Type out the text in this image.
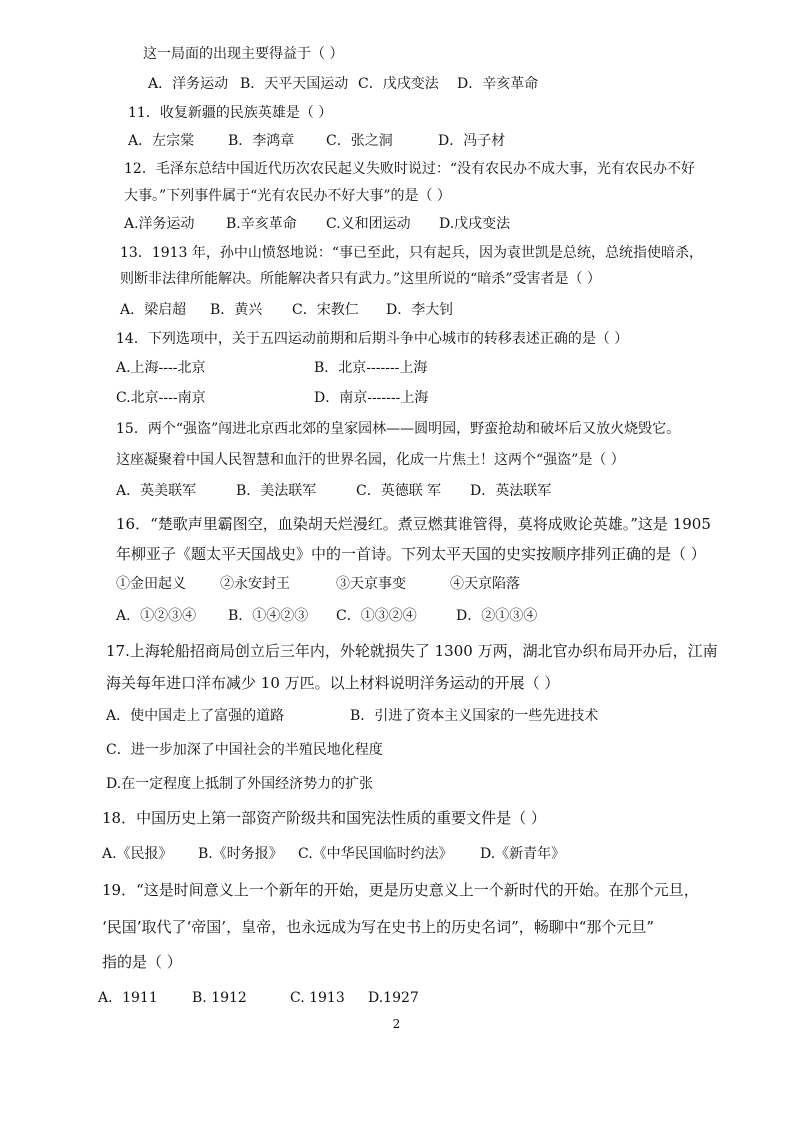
这一局面的出现主要得益于（ ）
A．洋务运动 B．天平天国运动 C．戊戌变法 D．辛亥革命
11．收复新疆的民族英雄是（ ）
A．左宗棠 B．李鸿章 C．张之洞	D．冯子材
12．毛泽东总结中国近代历次农民起义失败时说过：“没有农民办不成大事，光有农民办不好
大事。”下列事件属于“光有农民办不好大事”的是（ ）
A.洋务运动 B.辛亥革命 C.义和团运动 D.戊戌变法
13．1913 年，孙中山愤怒地说：“事已至此，只有起兵，因为袁世凯是总统，总统指使暗杀，
则断非法律所能解决。所能解决者只有武力。”这里所说的“暗杀”受害者是（ ）
A．梁启超 B．黄兴 C．宋教仁 D．李大钊
14．下列选项中，关于五四运动前期和后期斗争中心城市的转移表述正确的是（ ）
A.上海----北京	B．北京-------上海
C.北京----南京	D．南京-------上海
15．两个“强盗”闯进北京西北郊的皇家园林——圆明园，野蛮抢劫和破坏后又放火烧毁它。
这座凝聚着中国人民智慧和血汗的世界名园，化成一片焦土！这两个“强盗”是（ ）
A．英美联军	B．美法联军	C．英德联 军 D．英法联军
16．“楚歌声里霸图空，血染胡天烂漫红。煮豆燃萁谁管得，莫将成败论英雄。”这是 1905
年柳亚子《题太平天国战史》中的一首诗。下列太平天国的史实按顺序排列正确的是（ ）
①金田起义 ②永安封王	③天京事变	④天京陷落
A．①②③④ B．①④②③ C．①③②④	D．②①③④
17.上海轮船招商局创立后三年内，外轮就损失了 1300 万两，湖北官办织布局开办后，江南
海关每年进口洋布减少 10 万匹。以上材料说明洋务运动的开展（ ）
A．使中国走上了富强的道路	B．引进了资本主义国家的一些先进技术
C．进一步加深了中国社会的半殖民地化程度
D.在一定程度上抵制了外国经济势力的扩张
18．中国历史上第一部资产阶级共和国宪法性质的重要文件是（ ）
A.《民报》 B.《时务报》 C.《中华民国临时约法》 D.《新青年》
19．“这是时间意义上一个新年的开始，更是历史意义上一个新时代的开始。在那个元旦，
‘民国’取代了‘帝国’，皇帝，也永远成为写在史书上的历史名词”，畅聊中“那个元旦”
指的是（ ）
A．1911 B. 1912	C. 1913 D.1927
2
